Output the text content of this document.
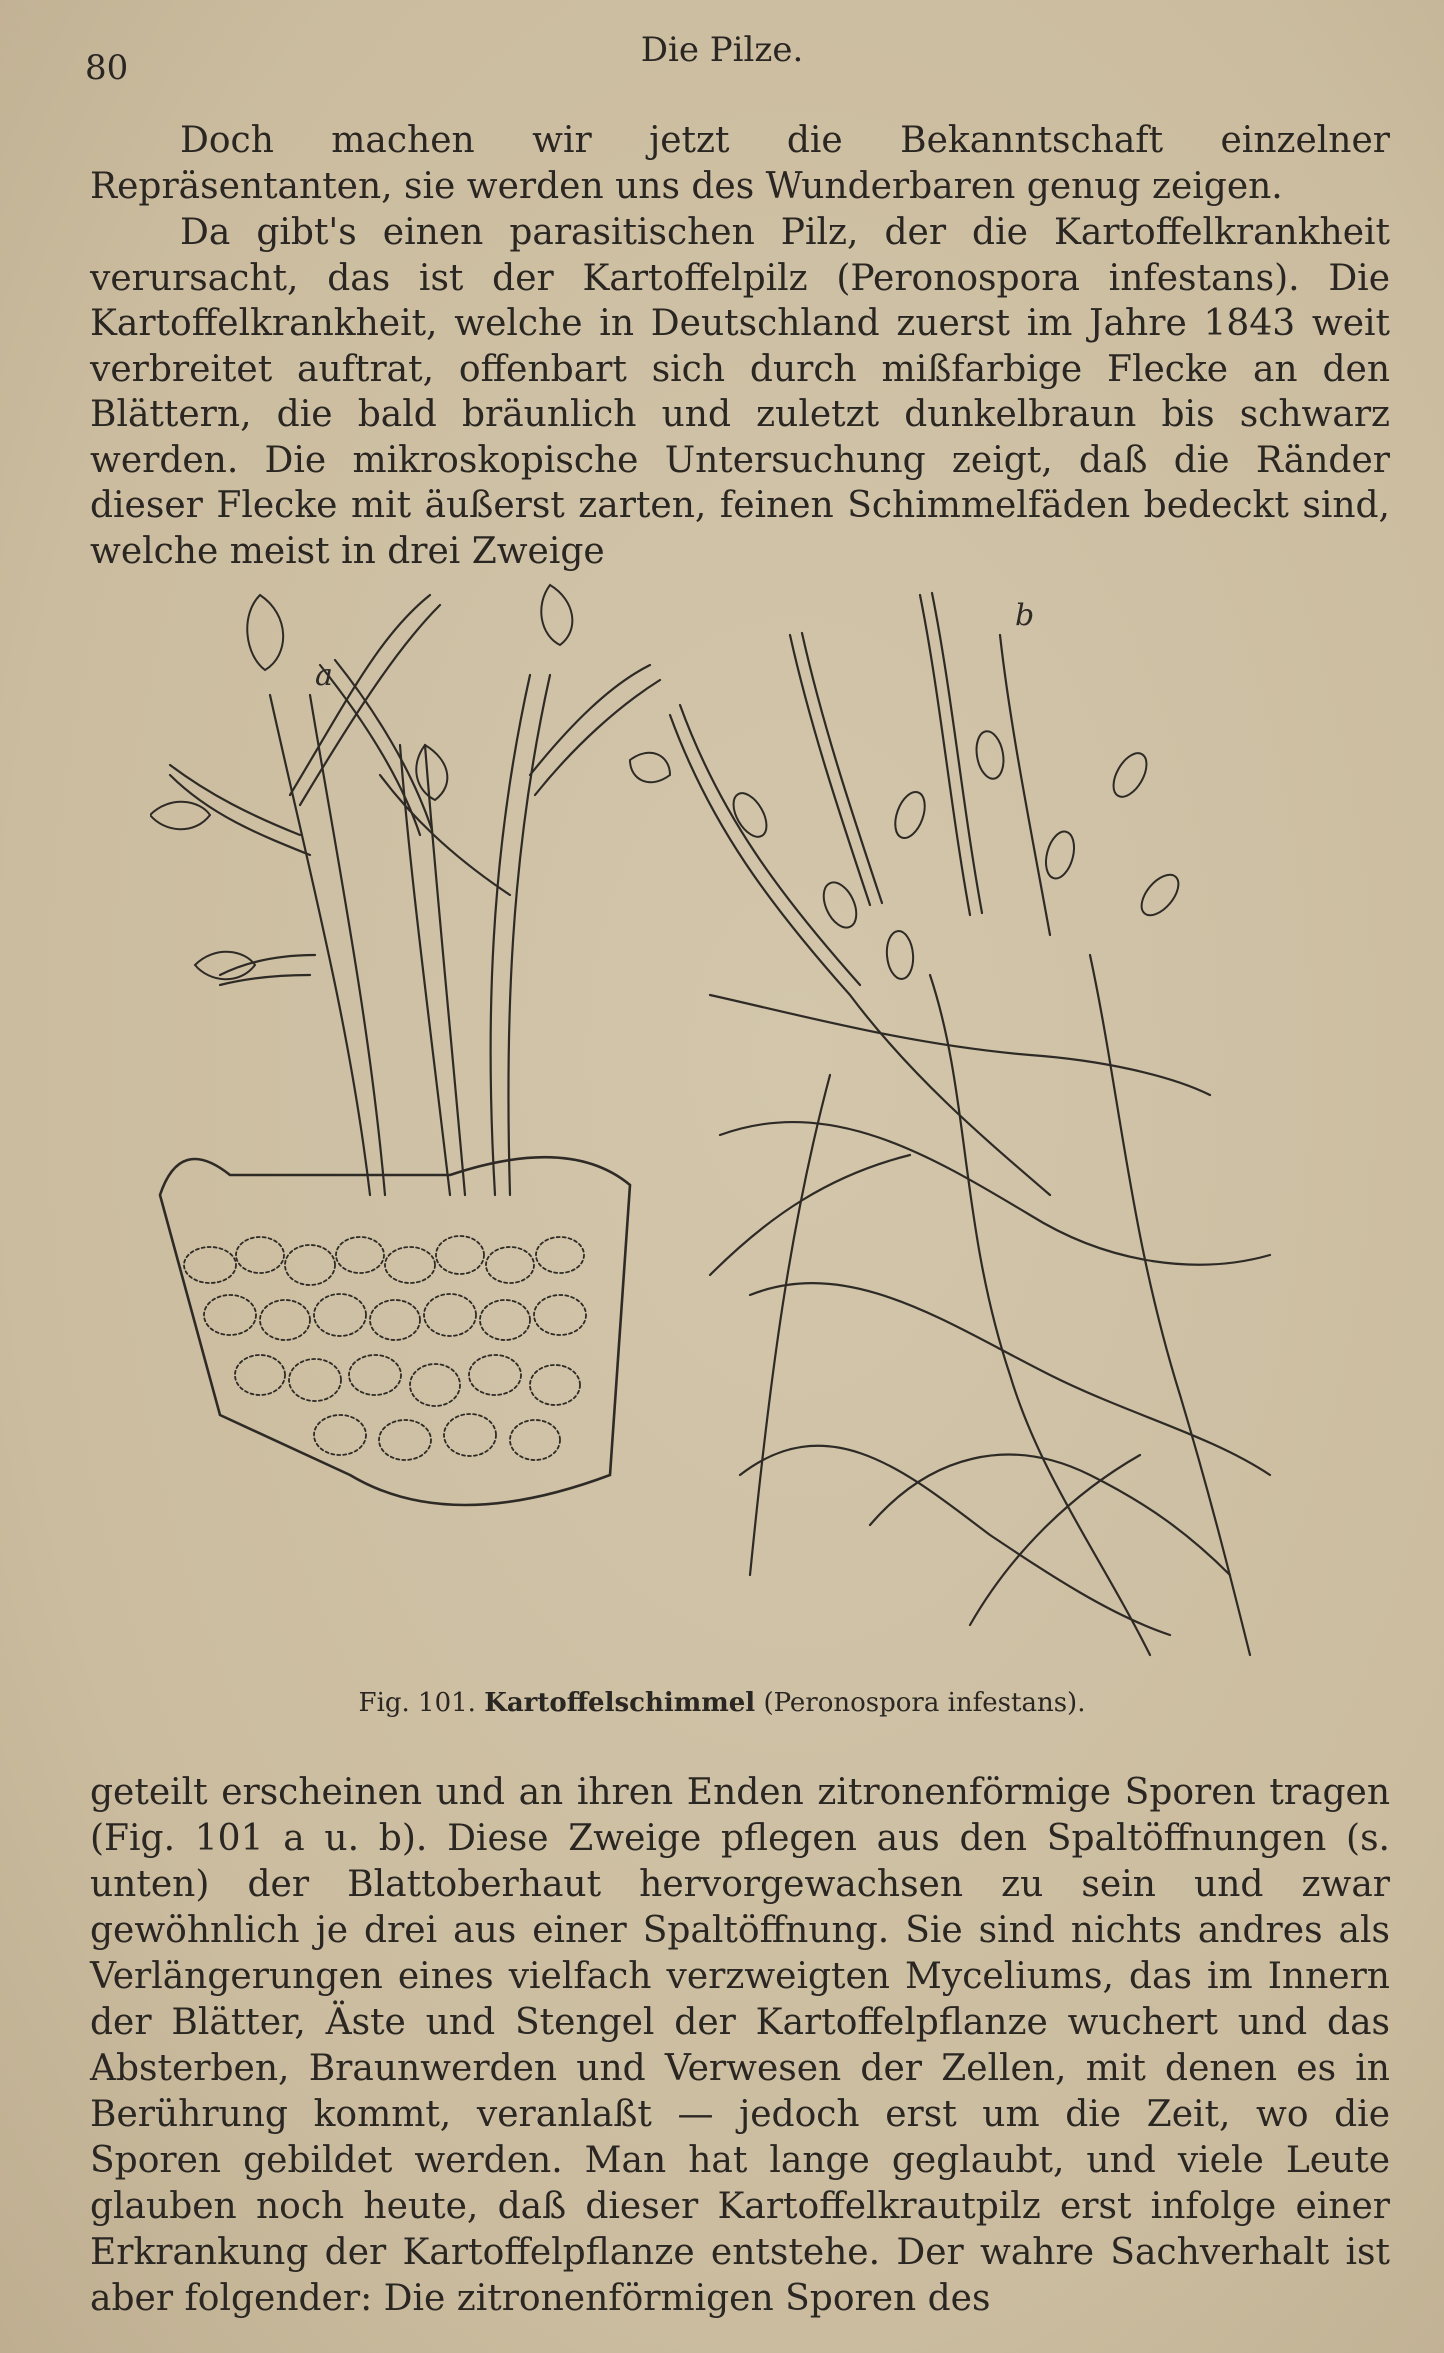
80	Die Pilze.

Doch machen wir jetzt die Bekanntschaft einzelner Repräsentanten, sie werden uns des Wunderbaren genug zeigen.

Da gibt's einen parasitischen Pilz, der die Kartoffelkrankheit verursacht, das ist der Kartoffelpilz (Peronospora infestans). Die Kartoffelkrankheit, welche in Deutschland zuerst im Jahre 1843 weit verbreitet auftrat, offenbart sich durch mißfarbige Flecke an den Blättern, die bald bräunlich und zuletzt dunkelbraun bis schwarz werden. Die mikroskopische Untersuchung zeigt, daß die Ränder dieser Flecke mit äußerst zarten, feinen Schimmelfäden bedeckt sind, welche meist in drei Zweige

a
b
Fig. 101. Kartoffelschimmel (Peronospora infestans).

geteilt erscheinen und an ihren Enden zitronenförmige Sporen tragen (Fig. 101 a u. b). Diese Zweige pflegen aus den Spaltöffnungen (s. unten) der Blattoberhaut hervorgewachsen zu sein und zwar gewöhnlich je drei aus einer Spaltöffnung. Sie sind nichts andres als Verlängerungen eines vielfach verzweigten Myceliums, das im Innern der Blätter, Äste und Stengel der Kartoffelpflanze wuchert und das Absterben, Braunwerden und Verwesen der Zellen, mit denen es in Berührung kommt, veranlaßt — jedoch erst um die Zeit, wo die Sporen gebildet werden. Man hat lange geglaubt, und viele Leute glauben noch heute, daß dieser Kartoffelkrautpilz erst infolge einer Erkrankung der Kartoffelpflanze entstehe. Der wahre Sachverhalt ist aber folgender: Die zitronenförmigen Sporen des
